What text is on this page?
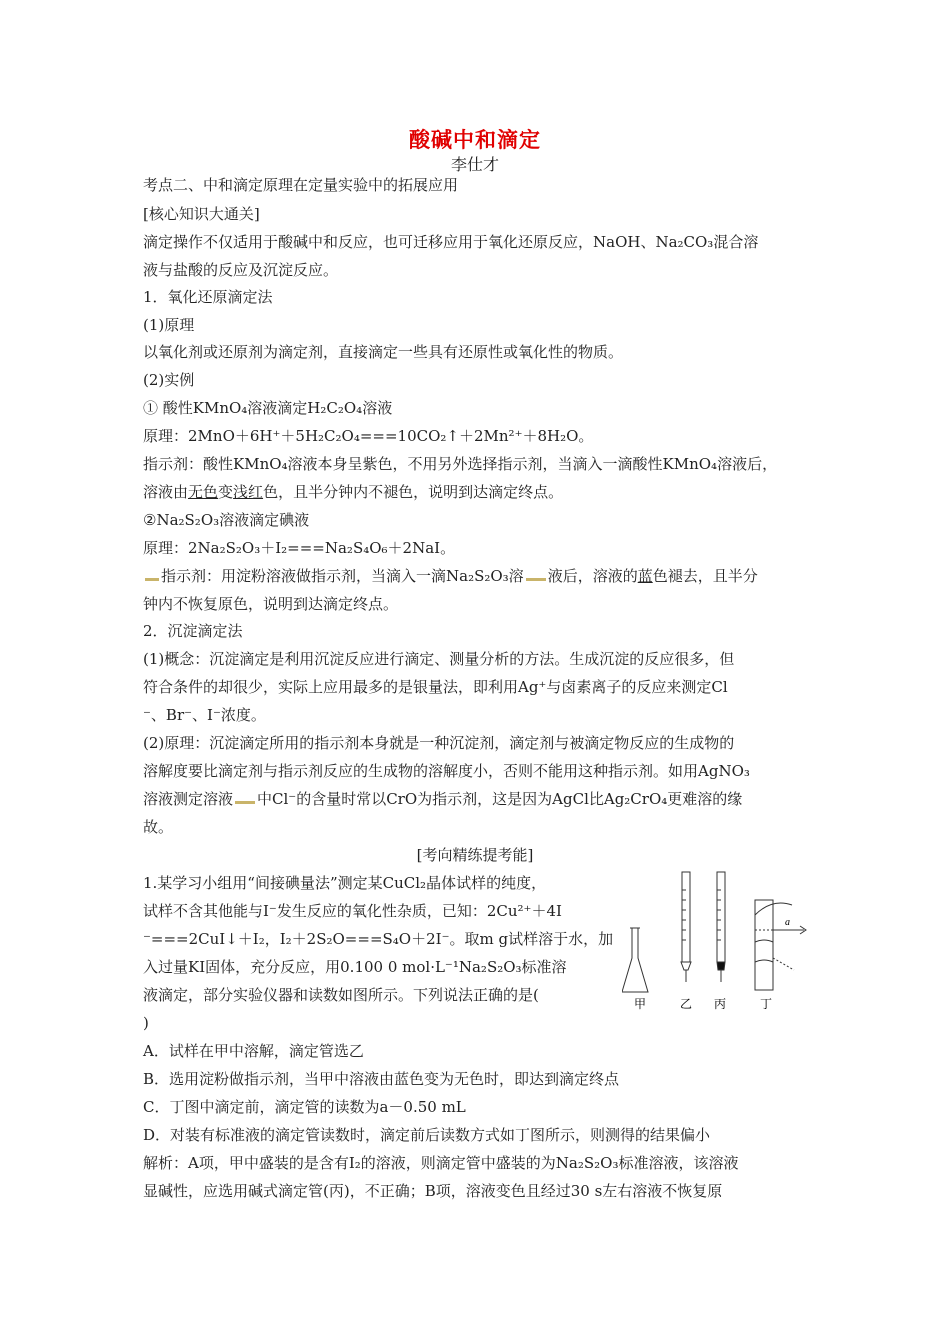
酸碱中和滴定
李仕才
考点二、中和滴定原理在定量实验中的拓展应用
[核心知识大通关]
滴定操作不仅适用于酸碱中和反应，也可迁移应用于氧化还原反应，NaOH、Na₂CO₃混合溶
液与盐酸的反应及沉淀反应。
1．氧化还原滴定法
(1)原理
以氧化剂或还原剂为滴定剂，直接滴定一些具有还原性或氧化性的物质。
(2)实例
① 酸性KMnO₄溶液滴定H₂C₂O₄溶液
原理：2MnO＋6H⁺＋5H₂C₂O₄===10CO₂↑＋2Mn²⁺＋8H₂O。
指示剂：酸性KMnO₄溶液本身呈紫色，不用另外选择指示剂，当滴入一滴酸性KMnO₄溶液后，
溶液由无色变浅红色，且半分钟内不褪色，说明到达滴定终点。
②Na₂S₂O₃溶液滴定碘液
原理：2Na₂S₂O₃＋I₂===Na₂S₄O₆＋2NaI。
指示剂：用淀粉溶液做指示剂，当滴入一滴Na₂S₂O₃溶 液后，溶液的蓝色褪去，且半分
钟内不恢复原色，说明到达滴定终点。
2．沉淀滴定法
(1)概念：沉淀滴定是利用沉淀反应进行滴定、测量分析的方法。生成沉淀的反应很多，但
符合条件的却很少，实际上应用最多的是银量法，即利用Ag⁺与卤素离子的反应来测定Cl
⁻、Br⁻、I⁻浓度。
(2)原理：沉淀滴定所用的指示剂本身就是一种沉淀剂，滴定剂与被滴定物反应的生成物的
溶解度要比滴定剂与指示剂反应的生成物的溶解度小，否则不能用这种指示剂。如用AgNO₃
溶液测定溶液 中Cl⁻的含量时常以CrO为指示剂，这是因为AgCl比Ag₂CrO₄更难溶的缘
故。
[考向精练提考能]
1.某学习小组用“间接碘量法”测定某CuCl₂晶体试样的纯度，
试样不含其他能与I⁻发生反应的氧化性杂质，已知：2Cu²⁺＋4I
⁻===2CuI↓＋I₂，I₂＋2S₂O===S₄O＋2I⁻。取m g试样溶于水，加
入过量KI固体，充分反应，用0.100 0 mol·L⁻¹Na₂S₂O₃标准溶
液滴定，部分实验仪器和读数如图所示。下列说法正确的是(
)
A．试样在甲中溶解，滴定管选乙
B．选用淀粉做指示剂，当甲中溶液由蓝色变为无色时，即达到滴定终点
C．丁图中滴定前，滴定管的读数为a－0.50 mL
D．对装有标准液的滴定管读数时，滴定前后读数方式如丁图所示，则测得的结果偏小
解析：A项，甲中盛装的是含有I₂的溶液，则滴定管中盛装的为Na₂S₂O₃标准溶液，该溶液
显碱性，应选用碱式滴定管(丙)，不正确；B项，溶液变色且经过30 s左右溶液不恢复原
a
甲	乙 丙	丁
